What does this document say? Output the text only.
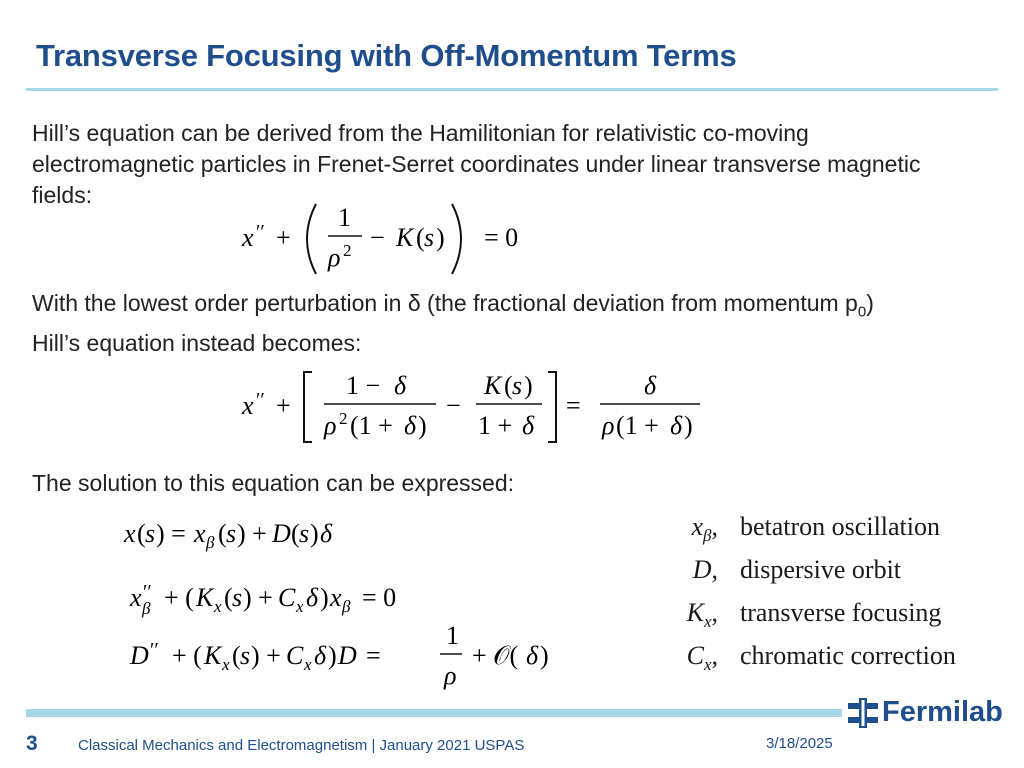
Transverse Focusing with Off-Momentum Terms

Hill’s equation can be derived from the Hamilitonian for relativistic co-moving electromagnetic particles in Frenet-Serret coordinates under linear transverse magnetic fields:

x ′′ +
1
ρ 2 − K ( s ) = 0

With the lowest order perturbation in δ (the fractional deviation from momentum $p_0$)
Hill’s equation instead becomes:

x ′′ +
1 − δ
ρ 2 (1 + δ )
−
K ( s )
1 + δ
=
δ
ρ (1 + δ )

The solution to this equation can be expressed:

x ( s ) = x β ( s ) + D ( s ) δ
x ′′
β + ( K x ( s ) + C x δ ) x β = 0
D ′′ + ( K x ( s ) + C x δ ) D =
1
ρ
+ 𝒪( δ )
$x_\beta$, betatron oscillation
D, dispersive orbit
$K_x$, transverse focusing
$C_x$, chromatic correction
Fermilab
3	Classical Mechanics and Electromagnetism | January 2021 USPAS	3/18/2025
